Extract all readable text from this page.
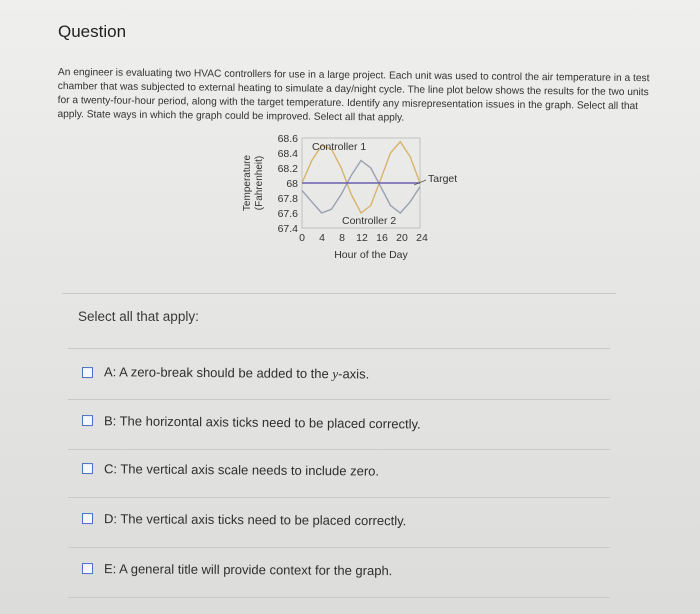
Question
An engineer is evaluating two HVAC controllers for use in a large project. Each unit was used to control the air temperature in a test chamber that was subjected to external heating to simulate a day/night cycle. The line plot below shows the results for the two units for a twenty-four-hour period, along with the target temperature. Identify any misrepresentation issues in the graph. Select all that apply. State ways in which the graph could be improved. Select all that apply.
68.6
68.4
68.2
68
67.8
67.6
67.4
0 4 8 12 16 20 24
Hour of the Day
Temperature (Fahrenheit)
Controller 1
Controller 2
Target
Select all that apply:
A: A zero-break should be added to the y-axis.
B: The horizontal axis ticks need to be placed correctly.
C: The vertical axis scale needs to include zero.
D: The vertical axis ticks need to be placed correctly.
E: A general title will provide context for the graph.
